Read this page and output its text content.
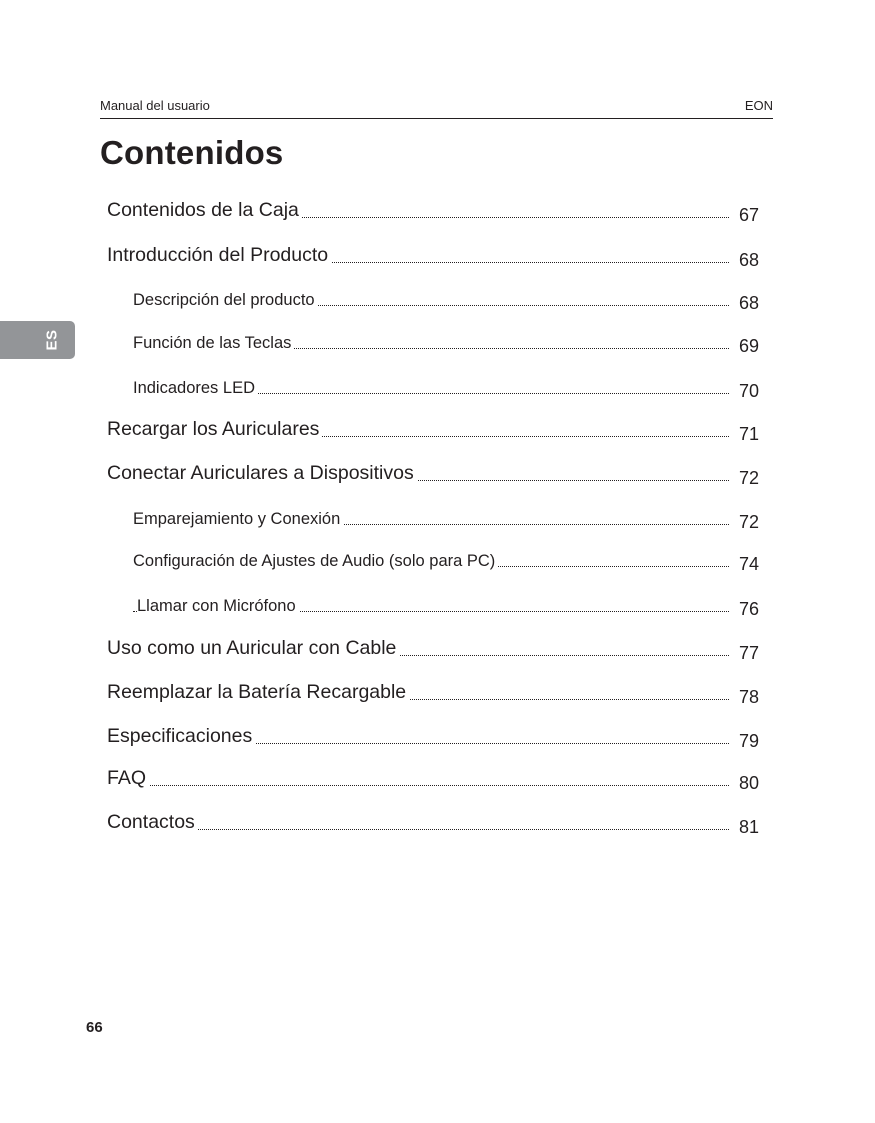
Manual del usuario	EON
Contenidos
ES
Contenidos de la Caja	67
Introducción del Producto	68
Descripción del producto	68
Función de las Teclas	69
Indicadores LED	70
Recargar los Auriculares	71
Conectar Auriculares a Dispositivos	72
Emparejamiento y Conexión	72
Configuración de Ajustes de Audio (solo para PC)	74
Llamar con Micrófono	76
Uso como un Auricular con Cable	77
Reemplazar la Batería Recargable	78
Especificaciones	79
FAQ	80
Contactos	81
66
